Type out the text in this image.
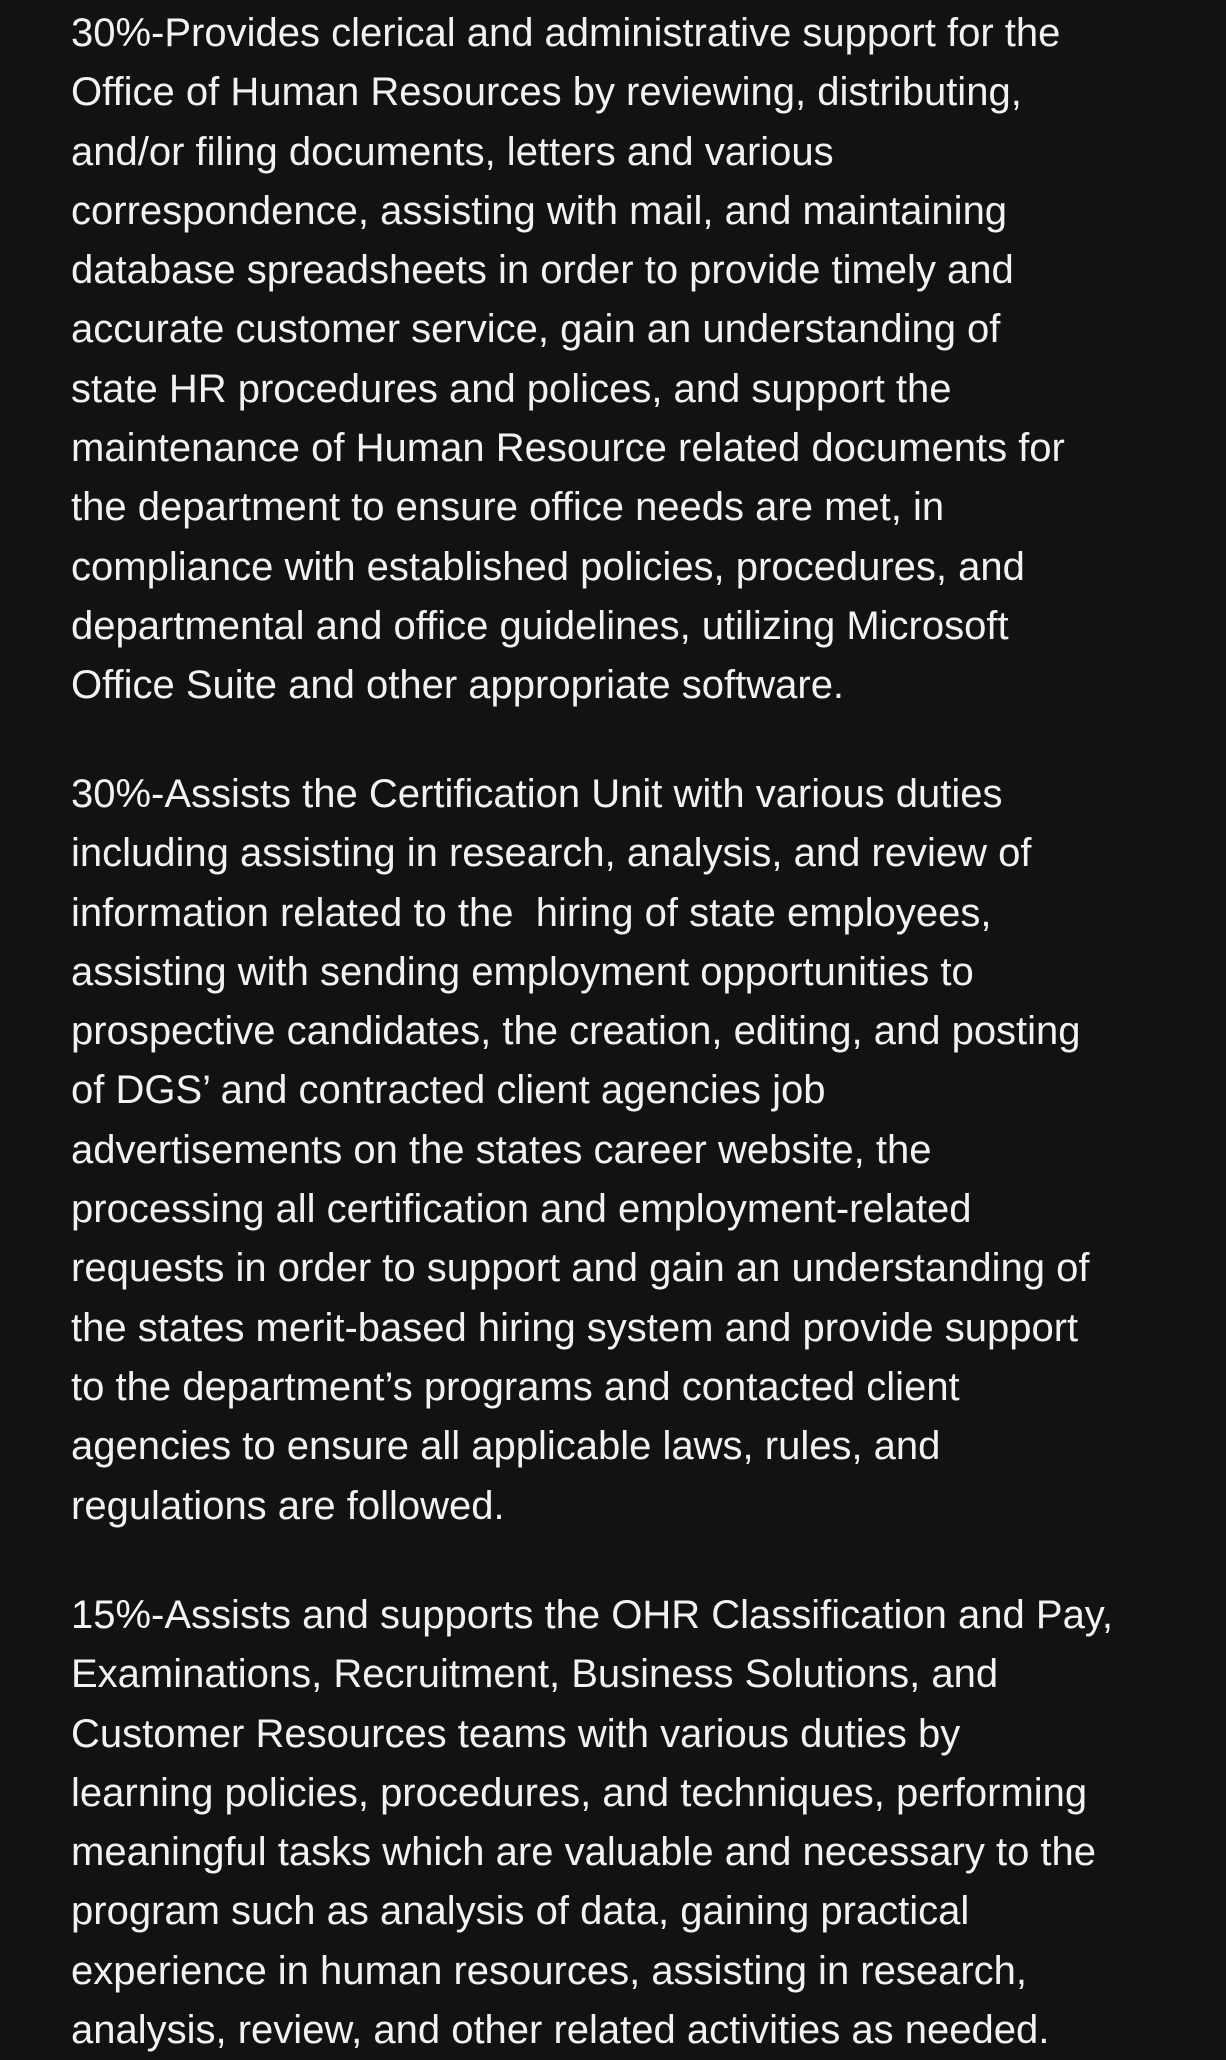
30%-Provides clerical and administrative support for the
Office of Human Resources by reviewing, distributing,
and/or filing documents, letters and various
correspondence, assisting with mail, and maintaining
database spreadsheets in order to provide timely and
accurate customer service, gain an understanding of
state HR procedures and polices, and support the
maintenance of Human Resource related documents for
the department to ensure office needs are met, in
compliance with established policies, procedures, and
departmental and office guidelines, utilizing Microsoft
Office Suite and other appropriate software.
30%-Assists the Certification Unit with various duties
including assisting in research, analysis, and review of
information related to the  hiring of state employees,
assisting with sending employment opportunities to
prospective candidates, the creation, editing, and posting
of DGS’ and contracted client agencies job
advertisements on the states career website, the
processing all certification and employment-related
requests in order to support and gain an understanding of
the states merit-based hiring system and provide support
to the department’s programs and contacted client
agencies to ensure all applicable laws, rules, and
regulations are followed.
15%-Assists and supports the OHR Classification and Pay,
Examinations, Recruitment, Business Solutions, and
Customer Resources teams with various duties by
learning policies, procedures, and techniques, performing
meaningful tasks which are valuable and necessary to the
program such as analysis of data, gaining practical
experience in human resources, assisting in research,
analysis, review, and other related activities as needed.
